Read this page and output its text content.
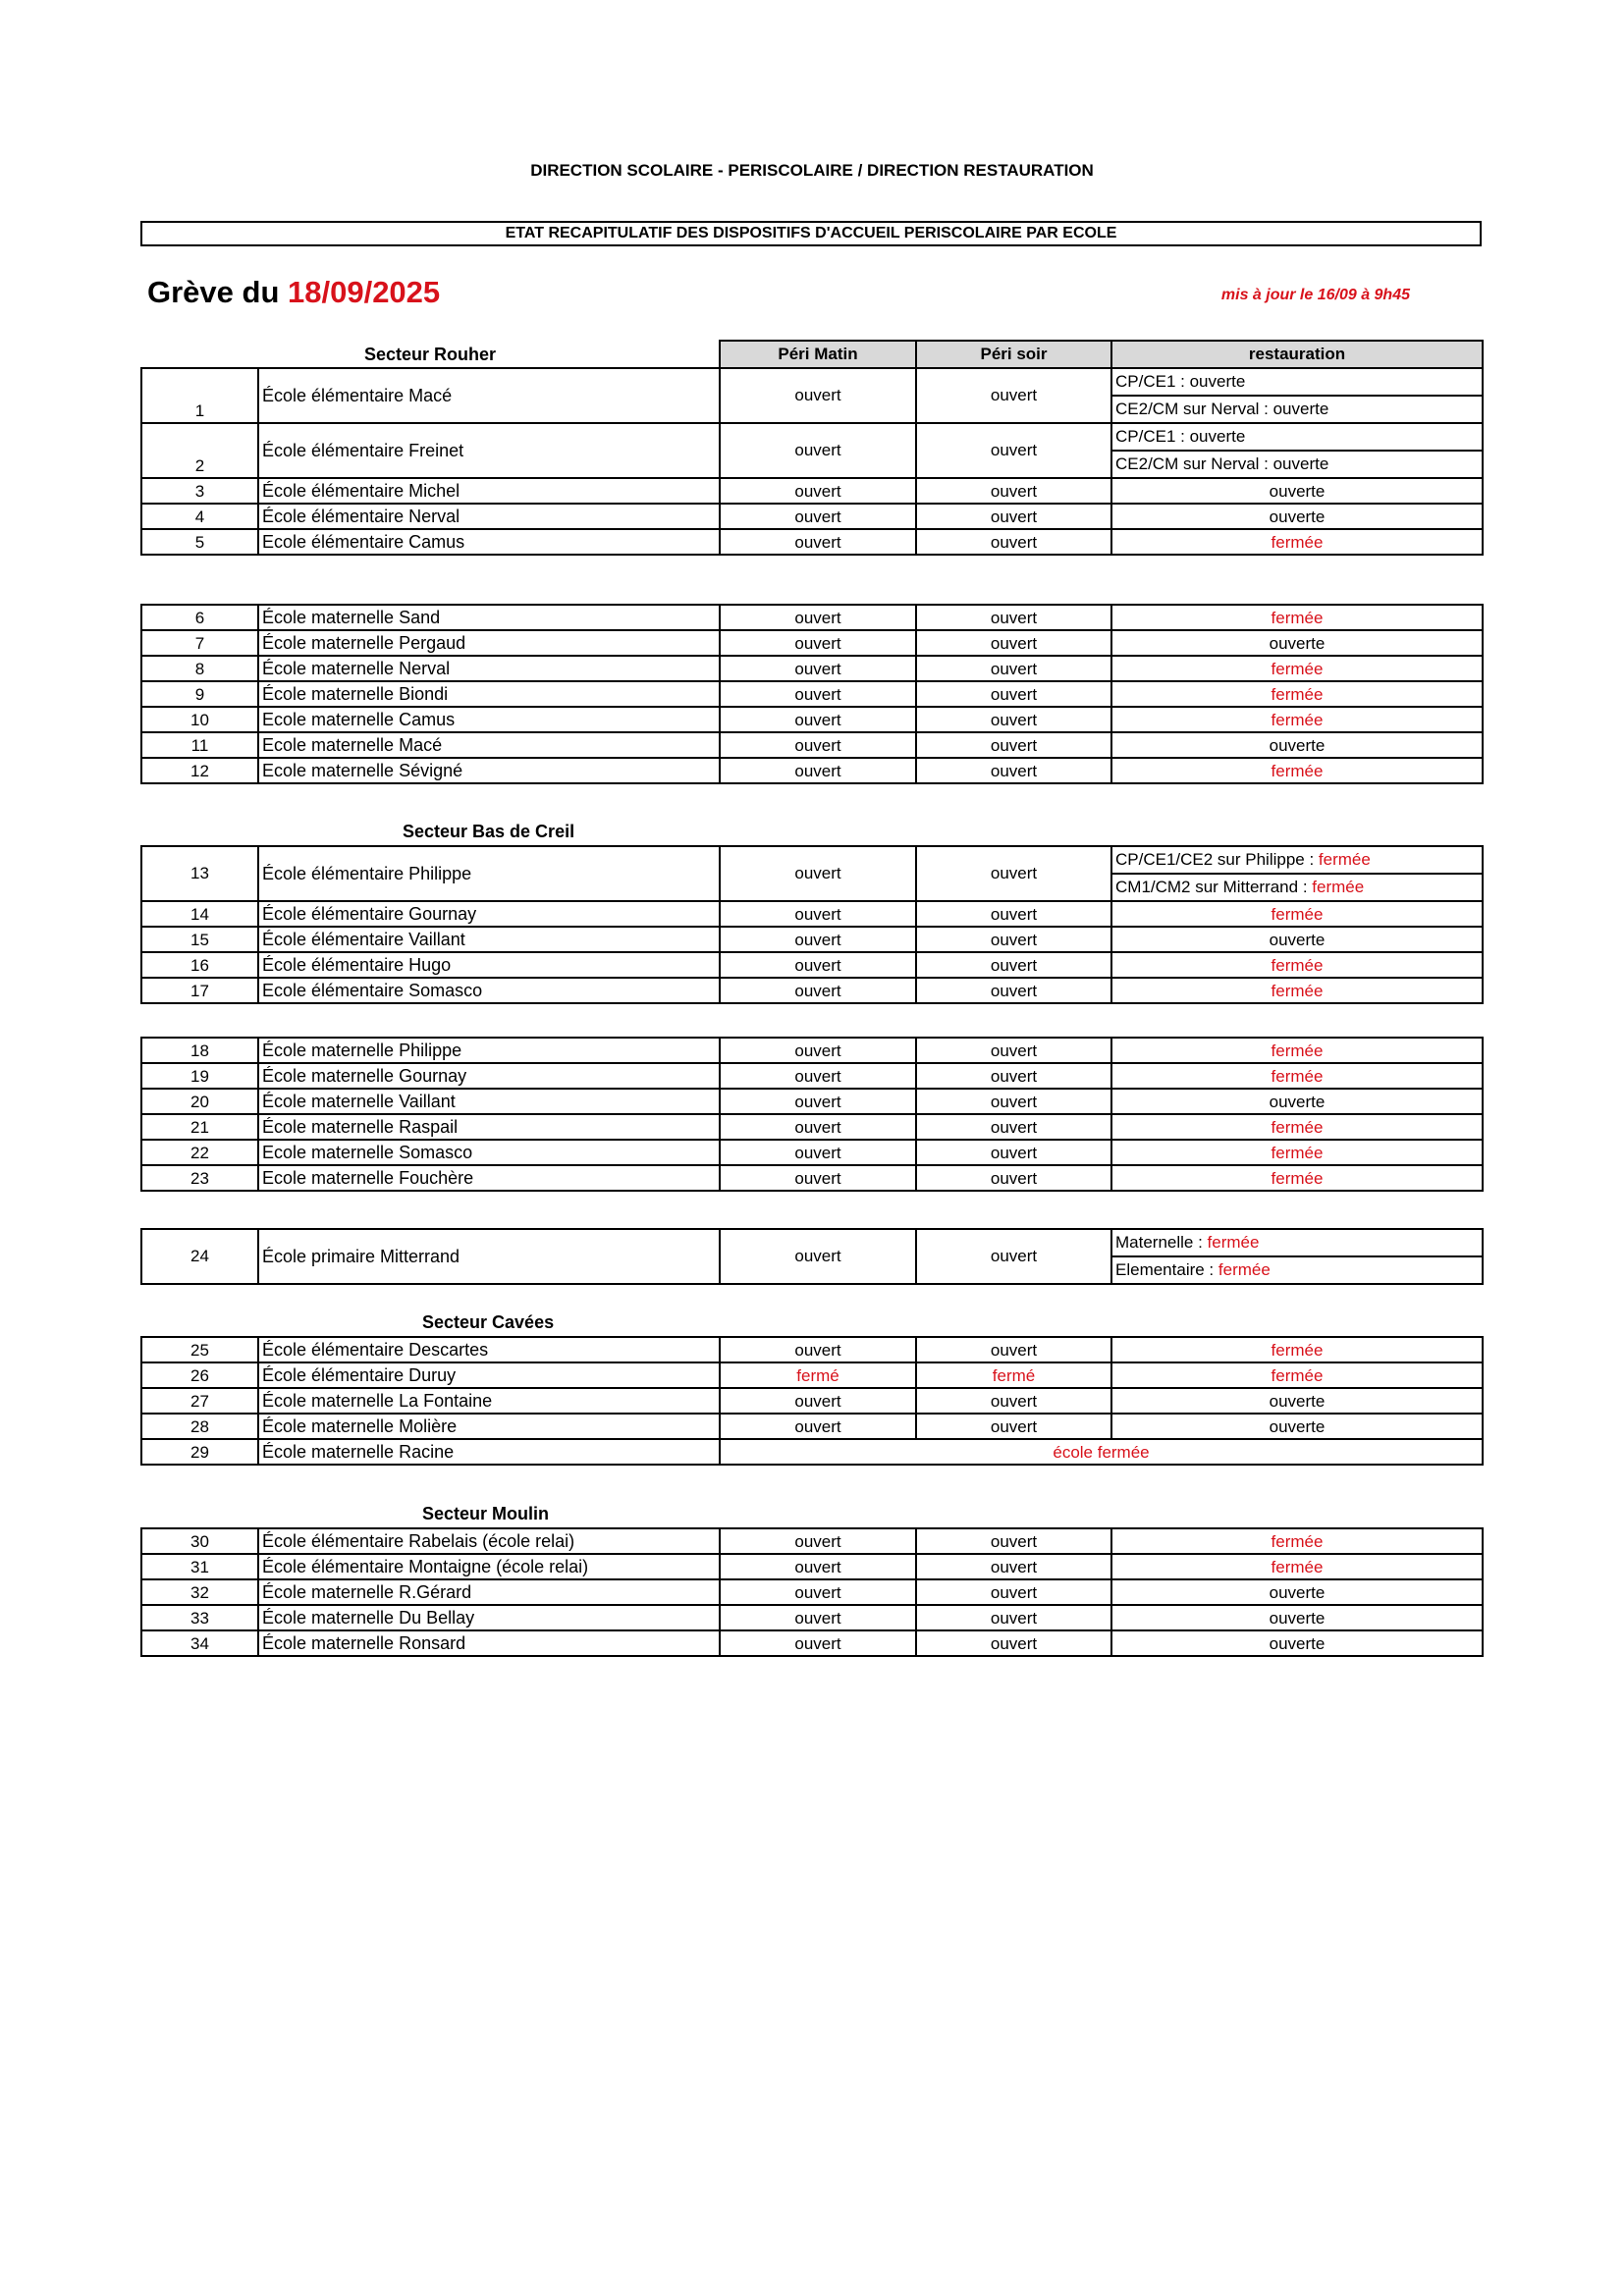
DIRECTION SCOLAIRE - PERISCOLAIRE / DIRECTION RESTAURATION
ETAT RECAPITULATIF DES DISPOSITIFS D'ACCUEIL PERISCOLAIRE PAR ECOLE
Grève du 18/09/2025	mis à jour le 16/09 à 9h45
Secteur Rouher		Péri Matin	Péri soir	restauration
1	École élémentaire Macé	ouvert	ouvert	CP/CE1 : ouverte
				CE2/CM sur Nerval : ouverte
2	École élémentaire Freinet	ouvert	ouvert	CP/CE1 : ouverte
				CE2/CM sur Nerval : ouverte
3	École élémentaire Michel	ouvert	ouvert	ouverte
4	École élémentaire Nerval	ouvert	ouvert	ouverte
5	Ecole élémentaire Camus	ouvert	ouvert	fermée
6	École maternelle Sand	ouvert	ouvert	fermée
7	École maternelle Pergaud	ouvert	ouvert	ouverte
8	École maternelle Nerval	ouvert	ouvert	fermée
9	École maternelle Biondi	ouvert	ouvert	fermée
10	Ecole maternelle Camus	ouvert	ouvert	fermée
11	Ecole maternelle Macé	ouvert	ouvert	ouverte
12	Ecole maternelle Sévigné	ouvert	ouvert	fermée
Secteur Bas de Creil
13	École élémentaire Philippe	ouvert	ouvert	CP/CE1/CE2 sur Philippe : fermée
				CM1/CM2 sur Mitterrand : fermée
14	École élémentaire Gournay	ouvert	ouvert	fermée
15	École élémentaire Vaillant	ouvert	ouvert	ouverte
16	École élémentaire Hugo	ouvert	ouvert	fermée
17	Ecole élémentaire Somasco	ouvert	ouvert	fermée
18	École maternelle Philippe	ouvert	ouvert	fermée
19	École maternelle Gournay	ouvert	ouvert	fermée
20	École maternelle Vaillant	ouvert	ouvert	ouverte
21	École maternelle Raspail	ouvert	ouvert	fermée
22	Ecole maternelle Somasco	ouvert	ouvert	fermée
23	Ecole maternelle Fouchère	ouvert	ouvert	fermée
24	École primaire Mitterrand	ouvert	ouvert	Maternelle : fermée
Elementaire : fermée
Secteur Cavées
25	École élémentaire Descartes	ouvert	ouvert	fermée
26	École élémentaire Duruy	fermé	fermé	fermée
27	École maternelle La Fontaine	ouvert	ouvert	ouverte
28	École maternelle Molière	ouvert	ouvert	ouverte
29	École maternelle Racine	école fermée		
Secteur Moulin
30	École élémentaire Rabelais (école relai)	ouvert	ouvert	fermée
31	École élémentaire Montaigne (école relai)	ouvert	ouvert	fermée
32	École maternelle R.Gérard	ouvert	ouvert	ouverte
33	École maternelle Du Bellay	ouvert	ouvert	ouverte
34	École maternelle Ronsard	ouvert	ouvert	ouverte
